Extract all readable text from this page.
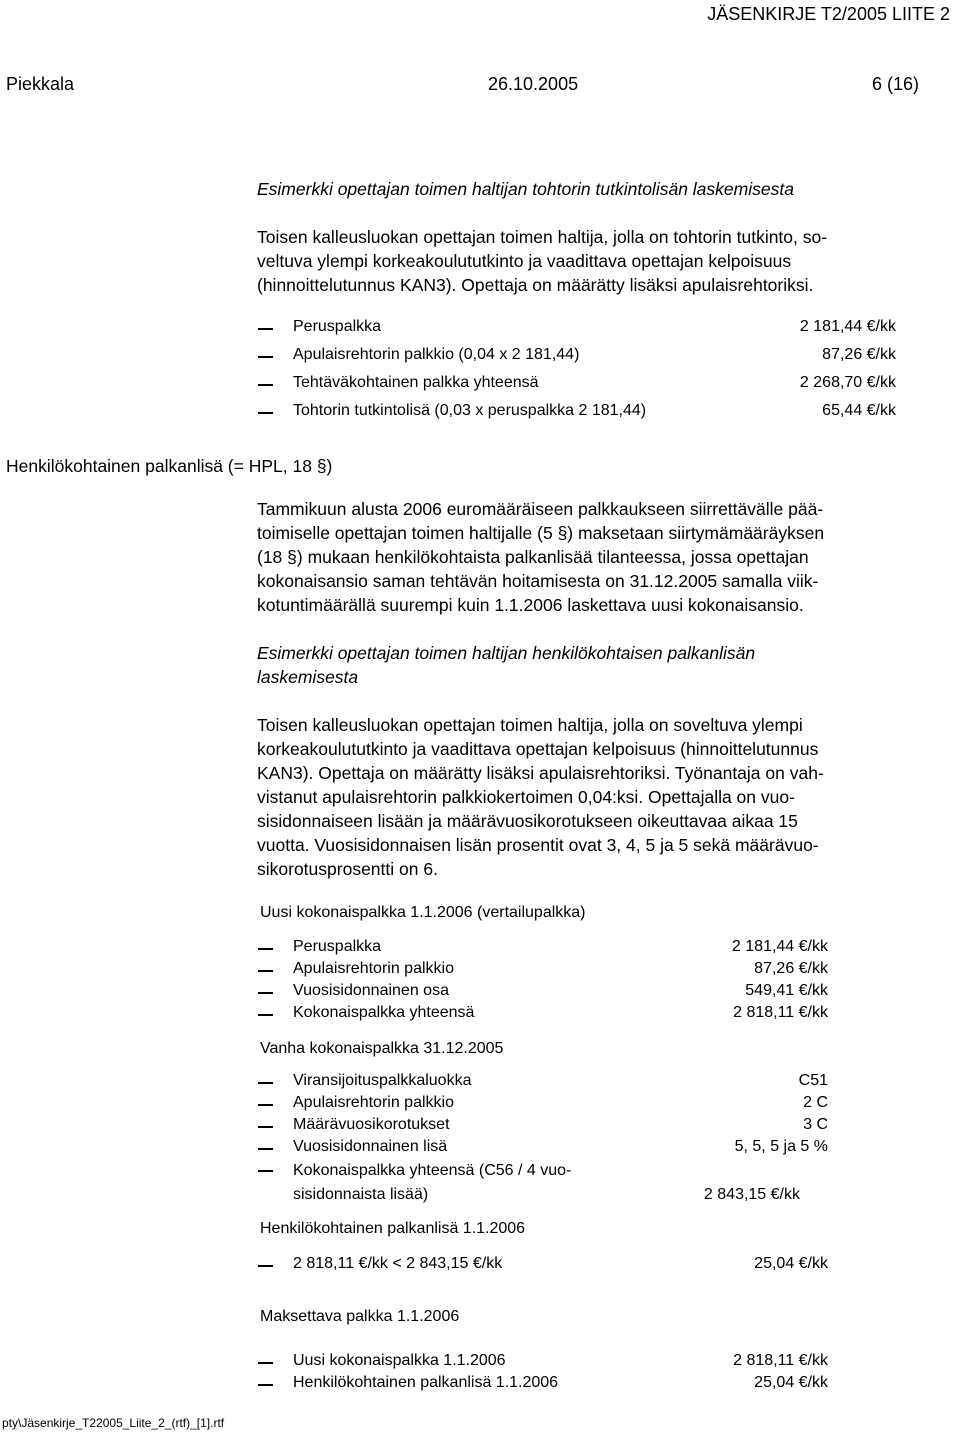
JÄSENKIRJE T2/2005 LIITE 2
Piekkala	26.10.2005	6 (16)
Esimerkki opettajan toimen haltijan tohtorin tutkintolisän laskemisesta
Toisen kalleusluokan opettajan toimen haltija, jolla on tohtorin tutkinto, so-
veltuva ylempi korkeakoulututkinto ja vaadittava opettajan kelpoisuus
(hinnoittelutunnus KAN3). Opettaja on määrätty lisäksi apulaisrehtoriksi.
Peruspalkka	2 181,44 €/kk
Apulaisrehtorin palkkio (0,04 x 2 181,44)	87,26 €/kk
Tehtäväkohtainen palkka yhteensä	2 268,70 €/kk
Tohtorin tutkintolisä (0,03 x peruspalkka 2 181,44)	65,44 €/kk
Henkilökohtainen palkanlisä (= HPL, 18 §)
Tammikuun alusta 2006 euromääräiseen palkkaukseen siirrettävälle pää-
toimiselle opettajan toimen haltijalle (5 §) maksetaan siirtymämääräyksen
(18 §) mukaan henkilökohtaista palkanlisää tilanteessa, jossa opettajan
kokonaisansio saman tehtävän hoitamisesta on 31.12.2005 samalla viik-
kotuntimäärällä suurempi kuin 1.1.2006 laskettava uusi kokonaisansio.
Esimerkki opettajan toimen haltijan henkilökohtaisen palkanlisän
laskemisesta
Toisen kalleusluokan opettajan toimen haltija, jolla on soveltuva ylempi
korkeakoulututkinto ja vaadittava opettajan kelpoisuus (hinnoittelutunnus
KAN3). Opettaja on määrätty lisäksi apulaisrehtoriksi. Työnantaja on vah-
vistanut apulaisrehtorin palkkiokertoimen 0,04:ksi. Opettajalla on vuo-
sisidonnaiseen lisään ja määrävuosikorotukseen oikeuttavaa aikaa 15
vuotta. Vuosisidonnaisen lisän prosentit ovat 3, 4, 5 ja 5 sekä määrävuo-
sikorotusprosentti on 6.
Uusi kokonaispalkka 1.1.2006 (vertailupalkka)
Peruspalkka	2 181,44 €/kk
Apulaisrehtorin palkkio	87,26 €/kk
Vuosisidonnainen osa	549,41 €/kk
Kokonaispalkka yhteensä	2 818,11 €/kk
Vanha kokonaispalkka 31.12.2005
Viransijoituspalkkaluokka	C51
Apulaisrehtorin palkkio	2 C
Määrävuosikorotukset	3 C
Vuosisidonnainen lisä	5, 5, 5 ja 5 %
Kokonaispalkka yhteensä (C56 / 4 vuo-
sisidonnaista lisää)	2 843,15 €/kk
Henkilökohtainen palkanlisä 1.1.2006
2 818,11 €/kk < 2 843,15 €/kk	25,04 €/kk
Maksettava palkka 1.1.2006
Uusi kokonaispalkka 1.1.2006	2 818,11 €/kk
Henkilökohtainen palkanlisä 1.1.2006	25,04 €/kk
pty\Jäsenkirje_T22005_Liite_2_(rtf)_[1].rtf
